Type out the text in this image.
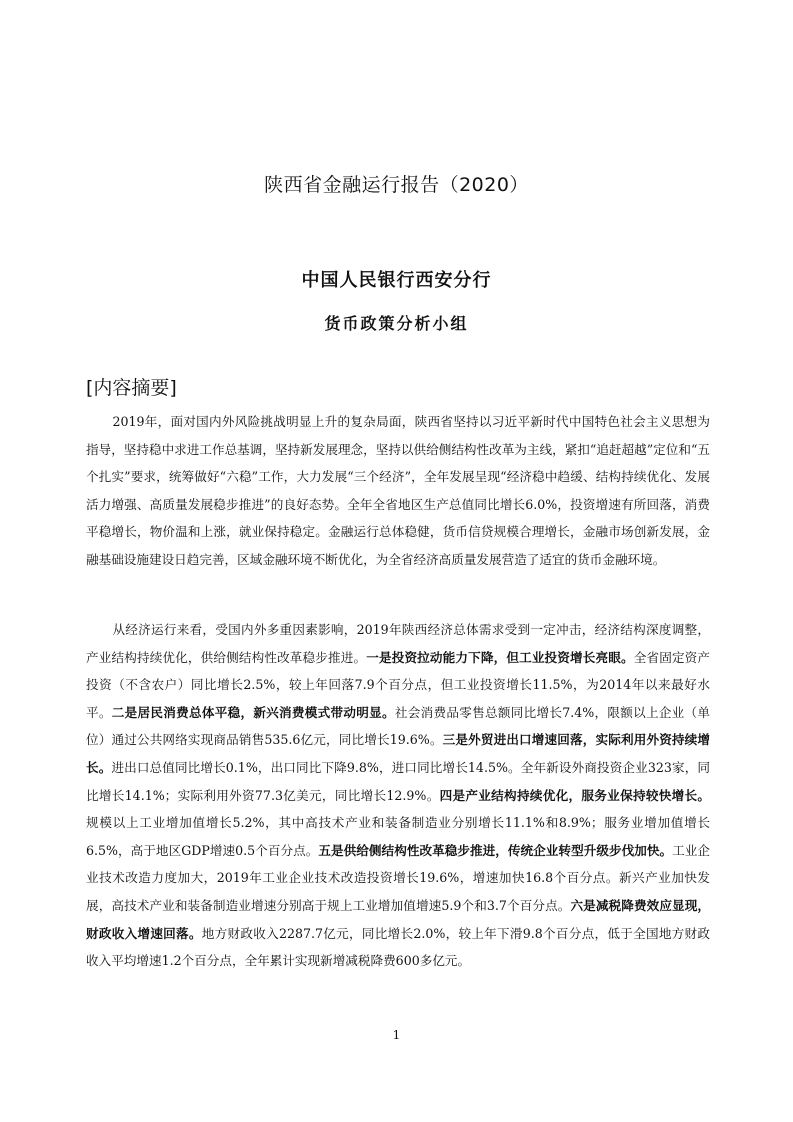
陕西省金融运行报告（2020）
中国人民银行西安分行
货币政策分析小组
[内容摘要]

2019年，面对国内外风险挑战明显上升的复杂局面，陕西省坚持以习近平新时代中国特色社会主义思想为指导，坚持稳中求进工作总基调，坚持新发展理念，坚持以供给侧结构性改革为主线，紧扣“追赶超越”定位和“五个扎实”要求，统筹做好“六稳”工作，大力发展“三个经济”，全年发展呈现“经济稳中趋缓、结构持续优化、发展活力增强、高质量发展稳步推进”的良好态势。全年全省地区生产总值同比增长6.0%，投资增速有所回落，消费平稳增长，物价温和上涨，就业保持稳定。金融运行总体稳健，货币信贷规模合理增长，金融市场创新发展，金融基础设施建设日趋完善，区域金融环境不断优化，为全省经济高质量发展营造了适宜的货币金融环境。

从经济运行来看，受国内外多重因素影响，2019年陕西经济总体需求受到一定冲击，经济结构深度调整，产业结构持续优化，供给侧结构性改革稳步推进。一是投资拉动能力下降，但工业投资增长亮眼。全省固定资产投资（不含农户）同比增长2.5%，较上年回落7.9个百分点，但工业投资增长11.5%，为2014年以来最好水平。二是居民消费总体平稳，新兴消费模式带动明显。社会消费品零售总额同比增长7.4%，限额以上企业（单位）通过公共网络实现商品销售535.6亿元，同比增长19.6%。三是外贸进出口增速回落，实际利用外资持续增长。进出口总值同比增长0.1%，出口同比下降9.8%，进口同比增长14.5%。全年新设外商投资企业323家，同比增长14.1%；实际利用外资77.3亿美元，同比增长12.9%。四是产业结构持续优化，服务业保持较快增长。规模以上工业增加值增长5.2%，其中高技术产业和装备制造业分别增长11.1%和8.9%；服务业增加值增长6.5%，高于地区GDP增速0.5个百分点。五是供给侧结构性改革稳步推进，传统企业转型升级步伐加快。工业企业技术改造力度加大，2019年工业企业技术改造投资增长19.6%，增速加快16.8个百分点。新兴产业加快发展，高技术产业和装备制造业增速分别高于规上工业增加值增速5.9个和3.7个百分点。六是减税降费效应显现，财政收入增速回落。地方财政收入2287.7亿元，同比增长2.0%，较上年下滑9.8个百分点，低于全国地方财政收入平均增速1.2个百分点，全年累计实现新增减税降费600多亿元。

1
